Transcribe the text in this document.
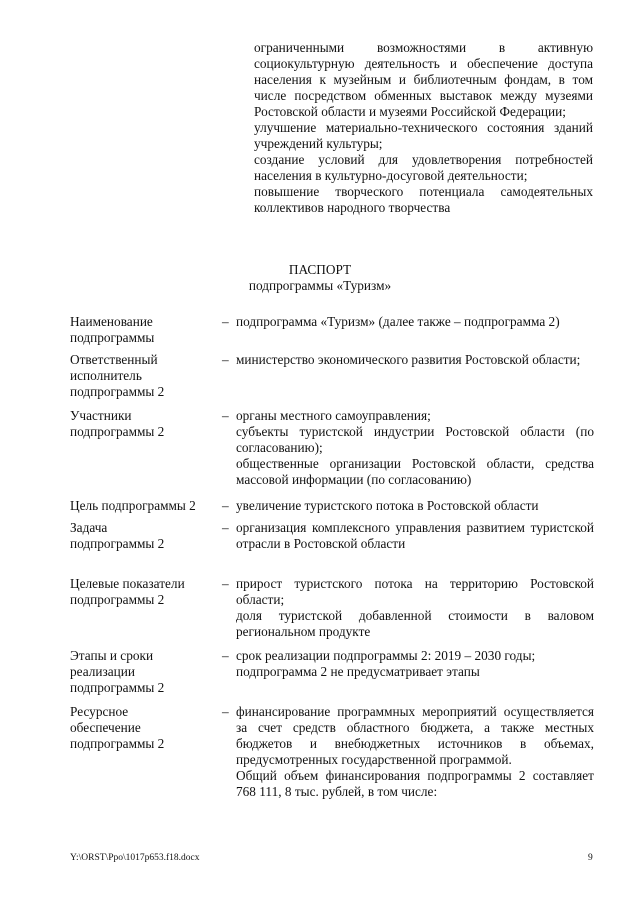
ограниченными возможностями в активную социокультурную деятельность и обеспечение доступа населения к музейным и библиотечным фондам, в том числе посредством обменных выставок между музеями Ростовской области и музеями Российской Федерации;
улучшение материально-технического состояния зданий учреждений культуры;
создание условий для удовлетворения потребностей населения в культурно-досуговой деятельности;
повышение творческого потенциала самодеятельных коллективов народного творчества
ПАСПОРТ
подпрограммы «Туризм»
Наименование
подпрограммы
– подпрограмма «Туризм» (далее также – подпрограмма 2)
Ответственный
исполнитель
подпрограммы 2
– министерство экономического развития Ростовской области;
Участники
подпрограммы 2
– органы местного самоуправления;
субъекты туристской индустрии Ростовской области (по согласованию);
общественные организации Ростовской области, средства массовой информации (по согласованию)
Цель подпрограммы 2	– увеличение туристского потока в Ростовской области
Задача
подпрограммы 2
– организация комплексного управления развитием туристской отрасли в Ростовской области
Целевые показатели
подпрограммы 2
– прирост туристского потока на территорию Ростовской области;
доля туристской добавленной стоимости в валовом региональном продукте
Этапы и сроки
реализации
подпрограммы 2
– срок реализации подпрограммы 2: 2019 – 2030 годы;
подпрограмма 2 не предусматривает этапы
Ресурсное
обеспечение
подпрограммы 2
– финансирование программных мероприятий осуществляется за счет средств областного бюджета, а также местных бюджетов и внебюджетных источников в объемах, предусмотренных государственной программой.
Общий объем финансирования подпрограммы 2 составляет 768 111, 8 тыс. рублей, в том числе:
Y:\ORST\Ppo\1017p653.f18.docx	9
